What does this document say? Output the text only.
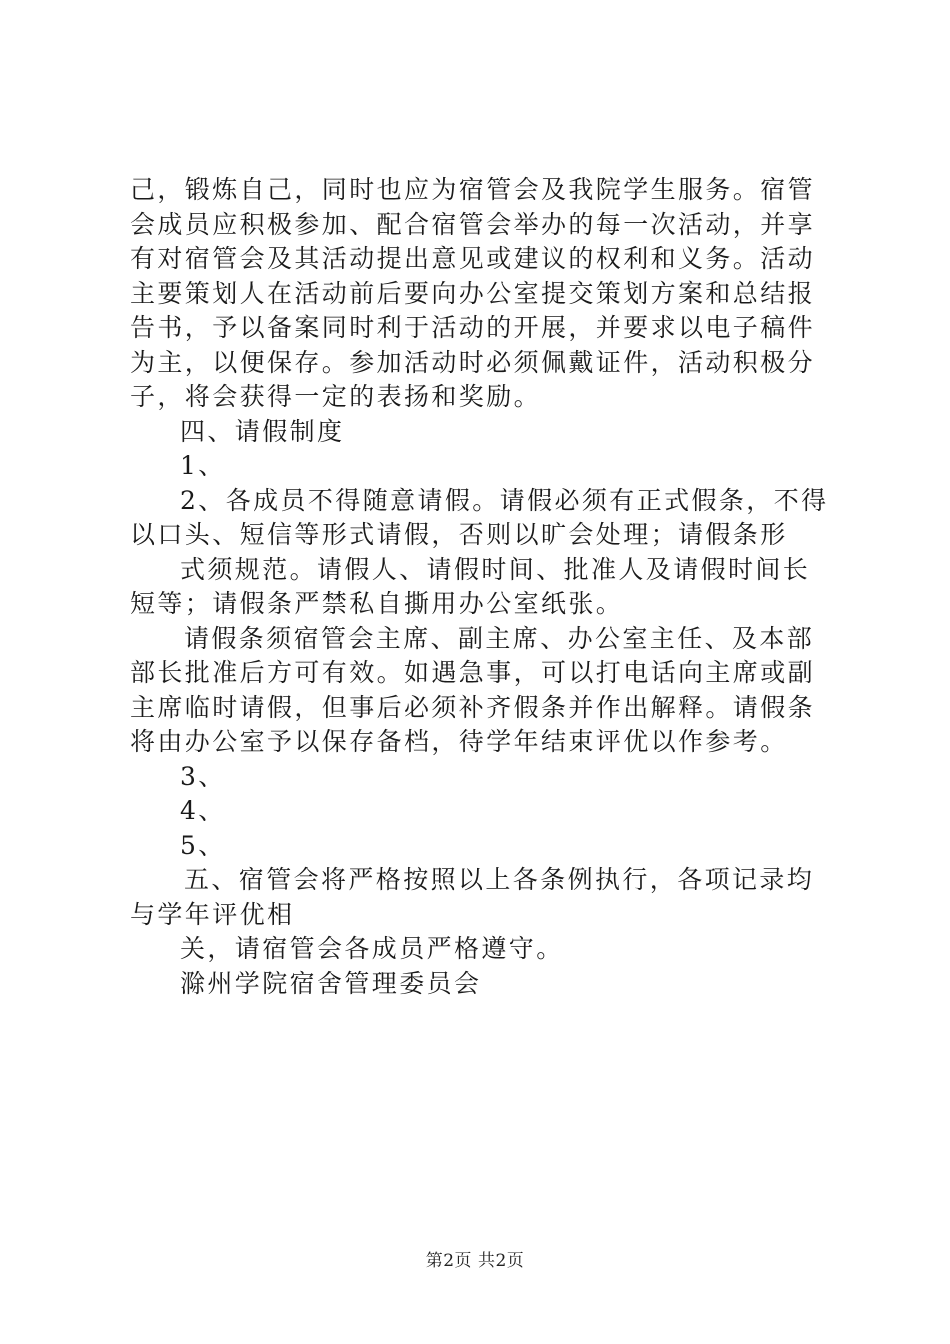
己，锻炼自己，同时也应为宿管会及我院学生服务。宿管会成员应积极参加、配合宿管会举办的每一次活动，并享有对宿管会及其活动提出意见或建议的权利和义务。活动主要策划人在活动前后要向办公室提交策划方案和总结报告书，予以备案同时利于活动的开展，并要求以电子稿件为主，以便保存。参加活动时必须佩戴证件，活动积极分子，将会获得一定的表扬和奖励。

四、请假制度

1、

2、各成员不得随意请假。请假必须有正式假条，不得以口头、短信等形式请假，否则以旷会处理；请假条形

式须规范。请假人、请假时间、批准人及请假时间长短等；请假条严禁私自撕用办公室纸张。

请假条须宿管会主席、副主席、办公室主任、及本部部长批准后方可有效。如遇急事，可以打电话向主席或副主席临时请假，但事后必须补齐假条并作出解释。请假条将由办公室予以保存备档，待学年结束评优以作参考。

3、

4、

5、

五、宿管会将严格按照以上各条例执行，各项记录均与学年评优相

关，请宿管会各成员严格遵守。

滁州学院宿舍管理委员会

第2页 共2页
